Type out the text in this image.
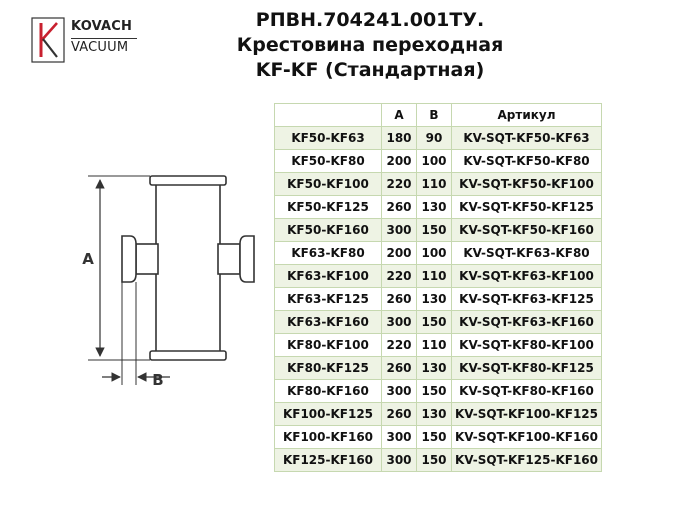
KOVACH
VACUUM
РПВН.704241.001ТУ.
Крестовина переходная
KF-KF (Стандартная)
A
B
	A	B	Артикул
KF50-KF63	180	90	KV-SQT-KF50-KF63
KF50-KF80	200	100	KV-SQT-KF50-KF80
KF50-KF100	220	110	KV-SQT-KF50-KF100
KF50-KF125	260	130	KV-SQT-KF50-KF125
KF50-KF160	300	150	KV-SQT-KF50-KF160
KF63-KF80	200	100	KV-SQT-KF63-KF80
KF63-KF100	220	110	KV-SQT-KF63-KF100
KF63-KF125	260	130	KV-SQT-KF63-KF125
KF63-KF160	300	150	KV-SQT-KF63-KF160
KF80-KF100	220	110	KV-SQT-KF80-KF100
KF80-KF125	260	130	KV-SQT-KF80-KF125
KF80-KF160	300	150	KV-SQT-KF80-KF160
KF100-KF125	260	130	KV-SQT-KF100-KF125
KF100-KF160	300	150	KV-SQT-KF100-KF160
KF125-KF160	300	150	KV-SQT-KF125-KF160
